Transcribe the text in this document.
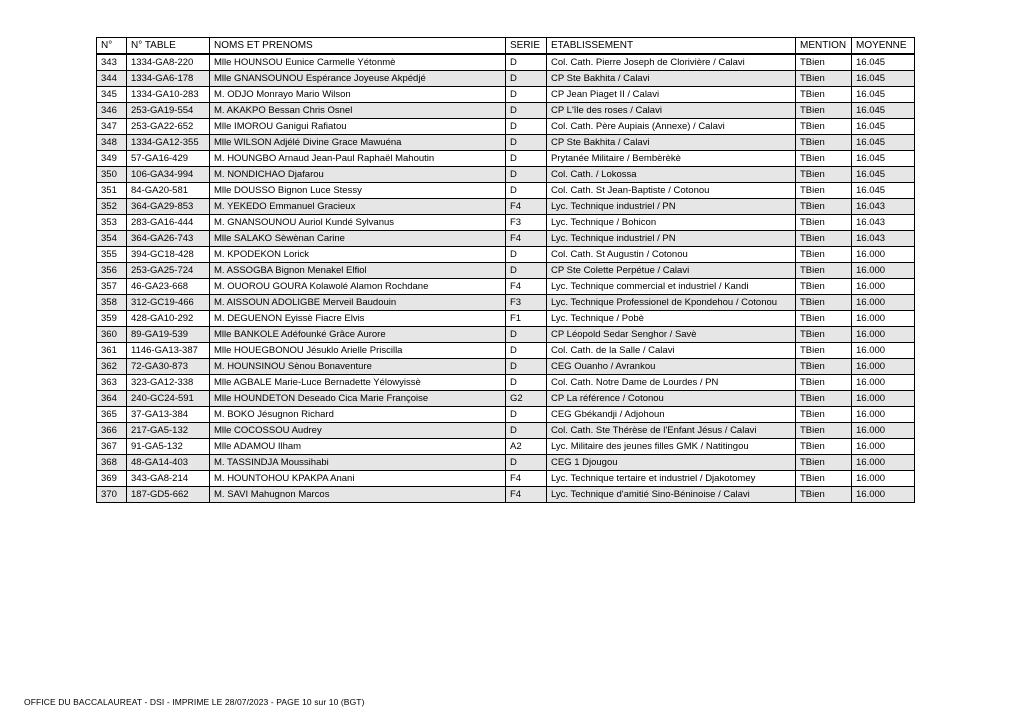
N°	N° TABLE	NOMS ET PRENOMS	SERIE	ETABLISSEMENT	MENTION	MOYENNE
343	1334-GA8-220	Mlle HOUNSOU Eunice Carmelle Yétonmè	D	Col. Cath. Pierre Joseph de Clorivière / Calavi	TBien	16.045
344	1334-GA6-178	Mlle GNANSOUNOU Espérance Joyeuse Akpédjé	D	CP Ste Bakhita / Calavi	TBien	16.045
345	1334-GA10-283	M. ODJO Monrayo Mario Wilson	D	CP Jean Piaget II / Calavi	TBien	16.045
346	253-GA19-554	M. AKAKPO Bessan Chris Osnel	D	CP L'île des roses / Calavi	TBien	16.045
347	253-GA22-652	Mlle IMOROU Ganigui Rafiatou	D	Col. Cath. Père Aupiais (Annexe) / Calavi	TBien	16.045
348	1334-GA12-355	Mlle WILSON Adjélé Divine Grace Mawuéna	D	CP Ste Bakhita / Calavi	TBien	16.045
349	57-GA16-429	M. HOUNGBO Arnaud Jean-Paul Raphaël Mahoutin	D	Prytanée Militaire / Bembèrèkè	TBien	16.045
350	106-GA34-994	M. NONDICHAO Djafarou	D	Col. Cath. / Lokossa	TBien	16.045
351	84-GA20-581	Mlle DOUSSO Bignon Luce Stessy	D	Col. Cath. St Jean-Baptiste / Cotonou	TBien	16.045
352	364-GA29-853	M. YEKEDO Emmanuel Gracieux	F4	Lyc. Technique industriel / PN	TBien	16.043
353	283-GA16-444	M. GNANSOUNOU Auriol Kundé Sylvanus	F3	Lyc. Technique / Bohicon	TBien	16.043
354	364-GA26-743	Mlle SALAKO Sèwènan Carine	F4	Lyc. Technique industriel / PN	TBien	16.043
355	394-GC18-428	M. KPODEKON Lorick	D	Col. Cath. St Augustin / Cotonou	TBien	16.000
356	253-GA25-724	M. ASSOGBA Bignon Menakel Elfiol	D	CP Ste Colette Perpétue / Calavi	TBien	16.000
357	46-GA23-668	M. OUOROU GOURA Kolawolé Alamon Rochdane	F4	Lyc. Technique commercial et industriel / Kandi	TBien	16.000
358	312-GC19-466	M. AISSOUN ADOLIGBE Merveil Baudouin	F3	Lyc. Technique Professionel de Kpondehou / Cotonou	TBien	16.000
359	428-GA10-292	M. DEGUENON Eyissè Fiacre Elvis	F1	Lyc. Technique / Pobè	TBien	16.000
360	89-GA19-539	Mlle BANKOLE Adéfounké Grâce Aurore	D	CP Léopold Sedar Senghor / Savè	TBien	16.000
361	1146-GA13-387	Mlle HOUEGBONOU Jésuklo Arielle Priscilla	D	Col. Cath. de la Salle / Calavi	TBien	16.000
362	72-GA30-873	M. HOUNSINOU Sènou Bonaventure	D	CEG Ouanho / Avrankou	TBien	16.000
363	323-GA12-338	Mlle AGBALE Marie-Luce Bernadette Yélowyissè	D	Col. Cath. Notre Dame de Lourdes / PN	TBien	16.000
364	240-GC24-591	Mlle HOUNDETON Deseado Cica Marie Françoise	G2	CP La référence / Cotonou	TBien	16.000
365	37-GA13-384	M. BOKO Jésugnon Richard	D	CEG Gbékandji / Adjohoun	TBien	16.000
366	217-GA5-132	Mlle COCOSSOU Audrey	D	Col. Cath. Ste Thérèse de l'Enfant Jésus / Calavi	TBien	16.000
367	91-GA5-132	Mlle ADAMOU Ilham	A2	Lyc. Militaire des jeunes filles GMK / Natitingou	TBien	16.000
368	48-GA14-403	M. TASSINDJA Moussihabi	D	CEG 1 Djougou	TBien	16.000
369	343-GA8-214	M. HOUNTOHOU KPAKPA Anani	F4	Lyc. Technique tertaire et industriel / Djakotomey	TBien	16.000
370	187-GD5-662	M. SAVI Mahugnon Marcos	F4	Lyc. Technique d'amitié Sino-Béninoise / Calavi	TBien	16.000
OFFICE DU BACCALAUREAT - DSI - IMPRIME LE 28/07/2023 - PAGE 10 sur 10 (BGT)
